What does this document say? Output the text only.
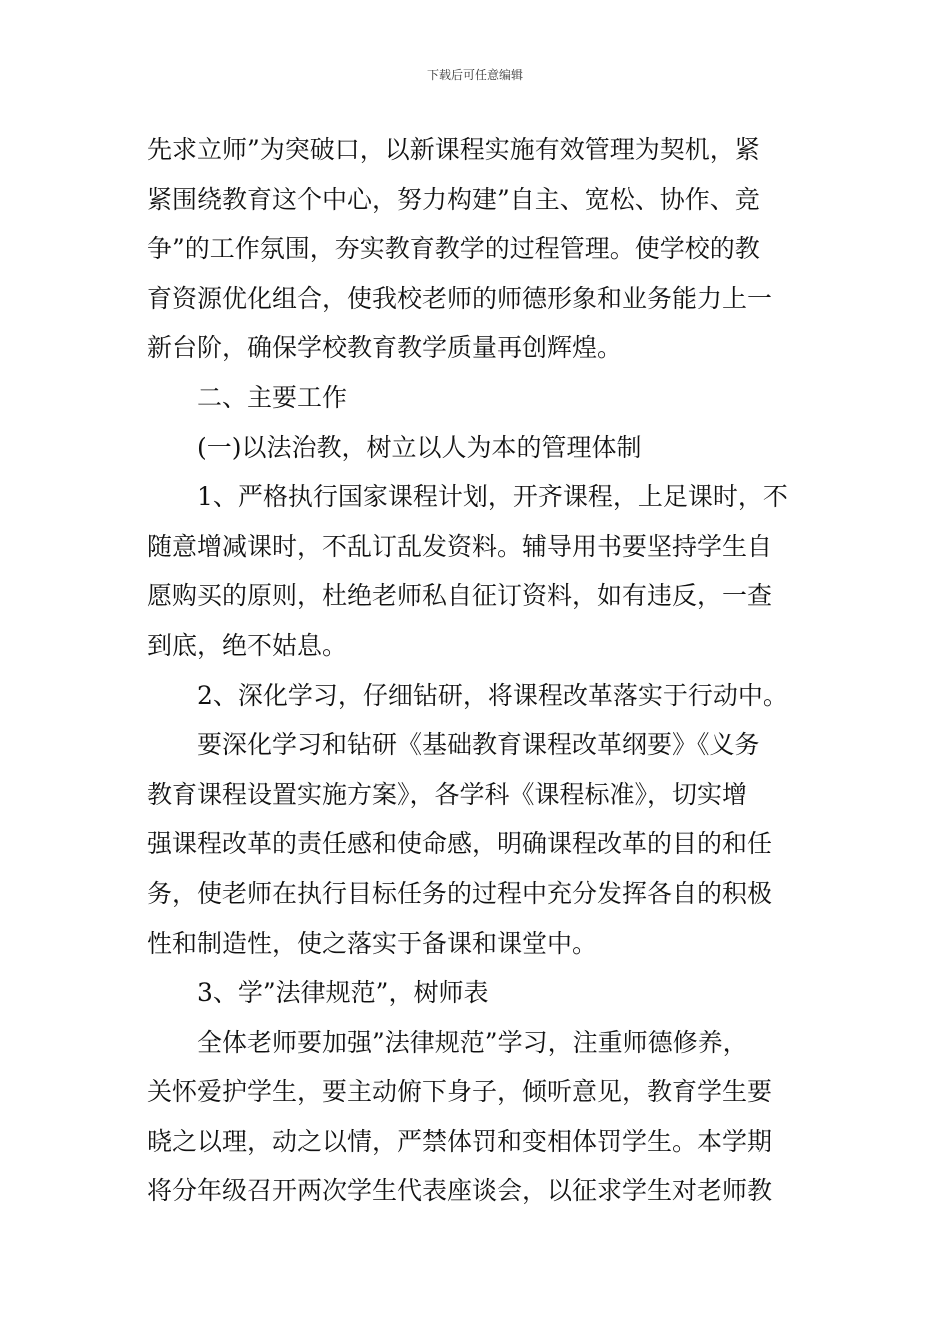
下载后可任意编辑
先求立师”为突破口，以新课程实施有效管理为契机，紧
紧围绕教育这个中心，努力构建”自主、宽松、协作、竞
争”的工作氛围，夯实教育教学的过程管理。使学校的教
育资源优化组合，使我校老师的师德形象和业务能力上一
新台阶，确保学校教育教学质量再创辉煌。
二、主要工作
(一)以法治教，树立以人为本的管理体制
1、严格执行国家课程计划，开齐课程，上足课时，不
随意增减课时，不乱订乱发资料。辅导用书要坚持学生自
愿购买的原则，杜绝老师私自征订资料，如有违反，一查
到底，绝不姑息。
2、深化学习，仔细钻研，将课程改革落实于行动中。
要深化学习和钻研《基础教育课程改革纲要》《义务
教育课程设置实施方案》，各学科《课程标准》，切实增
强课程改革的责任感和使命感，明确课程改革的目的和任
务，使老师在执行目标任务的过程中充分发挥各自的积极
性和制造性，使之落实于备课和课堂中。
3、学”法律规范”，树师表
全体老师要加强”法律规范”学习，注重师德修养，
关怀爱护学生，要主动俯下身子，倾听意见，教育学生要
晓之以理，动之以情，严禁体罚和变相体罚学生。本学期
将分年级召开两次学生代表座谈会，以征求学生对老师教
